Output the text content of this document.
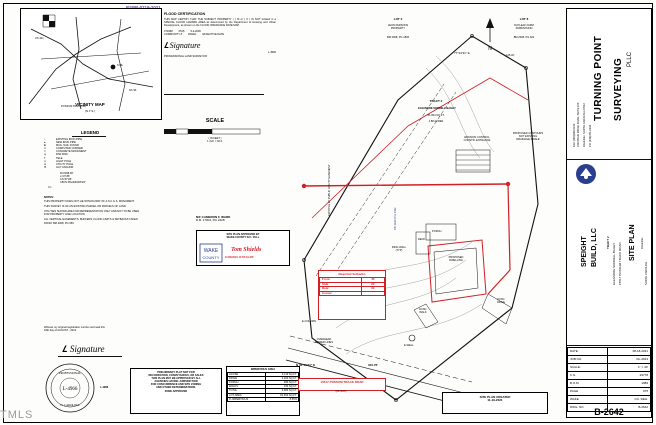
SITE
US 401
NC 96
POSSUM TRACK RD
VICINITY MAP
(N.T.S.)
FLOOD CERTIFICATION
THIS MAP CERTIFY THAT THE SUBJECT PROPERTY ( ) IS or ( X ) IS NOT located in a SPECIAL FLOOD HAZARD AREA as determined by the Department of Housing and Urban Development, as shown on the FLOOD INSURANCE RATE MAP.
370368 0515 5-2-2006
COMMUNITY # PANEL EFFECTIVE DATE
𝑳 Signature
L-4966
PROFESSIONAL LAND SURVEYOR
SCALE
( IN FEET )
1 inch = 40 ft.
LEGEND
○	EXISTING IRON PIPE
●	NEW IRON PIPE
■	MAG. NAIL FOUND
✕	COMPUTED CORNER
□	CONCRETE MONUMENT
◎	R/W DISK
T	TELE
⊙	LIGHT POLE
⊚	UTILITY POLE
⚑	GUY ANCHOR
R=2348.00'
L=37.86'
Ch=37.86'
CB=N 06\u00b006'29"
Cl -
NOTES:
THIS PROPERTY DOES NOT LIE WITHIN 2000' OF A N.C.G.S. MONUMENT.
THIS SURVEY IS OF AN EXISTING PARCEL OR PARCELS OF LAND.
UTILITIES SHOWN ARE FOR REPRESENTATION ONLY AND NOT TO BE USED FOR PROPERTY LINE LOCATION
ALL VERTICAL EASEMENTS, BUFFERS, FLOOD LIMITS & SETBACKS TAKEN FROM: BM 2008, PG 659
Witness my original registration number and seal this
18th day of AUGUST , 2021.
𝑳 Signature
L-4966
PROFESSIONAL
N. CAROLINA
L-4966
PRELIMINARY PLAT NOT FOR
RECORDATION, CONVEYANCES, OR SALES
THIS PLAN MAY BE APPROVED BY ALL
AGENCIES HAVING JURISDICTION
FOR CONCURRENCE AND SITE ZONING
AND OTHER DETERMINATIONS.
ZONE APPROVED
IMPERVIOUS AREA
HOUSE	4,113 SQ.FT.
DRIVE	2,200 SQ.FT.
PORCH	480 SQ.FT.
WALKS	190 SQ.FT.
TOTAL	6,983 SQ.FT.
LOT AREA	81,654 SQ.FT.
% IMPERVIOUS	8.55%
N
LOT 2
LEON PARSONS
PROPERTY
BM 2008, PG 1836
LOT 8
DAYLEAF FARM
SUBDIVISION
BM 2008, PG 624
TRACT 2
ELEANORE SORRELL BAILEY
81,654 SQ.FT.
1.88 ACRES
77°44'31" E
125.40'
N 33°40'31" E	310.76'
PROPOSED
DWELLING
PORCH
DECK
CONC.
DRIVE
CONC.
WALK
RING WALL
(TYP)
E-WELL
OVERHEAD
POWER LINES
E-COLUMN
EROSION CONTROL
CONSTR. ENTRANCE
PROPOSED CONTOURS
NOT EXISTING
DRAINAGE SWALE
DB 10204 PG 2432
EXISTING 20' PUBLIC UTILITY EASEMENT
15517 POSSUM TRACK ROAD
(60' R/W)
SITE PLAN CREATED
11-19-2021
N/F CAMERON F. WARD
D.B. 17004, PG 2428
SITE PLAN APPROVED BY
WAKE COUNTY N.C. FULL
Tom Shields
11/24/2021 11:55:19 AM
WAKE
COUNTY
Required Setbacks
Front	40
Side	20
Rear	30
Corner	
TURNING POINT SURVEYING PLLC
4113 BLUE RIDGE ROAD, SUITE 100 RALEIGH, NORTH CAROLINA 27612 PH: (919)781-0234
FAX: (800)948-0213
SPEIGHT BUILD, LLC	SITE PLAN
TRACT 2 ELEANORE SORRELL BAILEY 15517 POSSUM TRACK ROAD	RALEIGH
NORTH CAROLINA
DATE:	08-18-2021
JOB NO.	RL-2643
SCALE:	1" = 40'
C.N.	29778
B.O.M.	1989
PAGE	975
WAKE	CO. REG.
DWG. NO.	B-2642
B-2642
TMLS
